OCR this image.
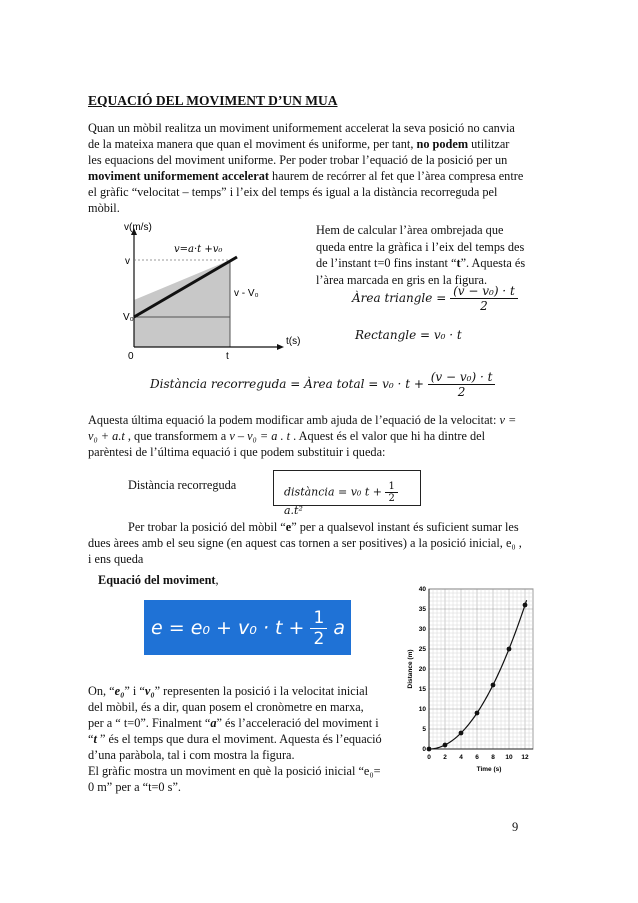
EQUACIÓ DEL MOVIMENT D’UN MUA
Quan un mòbil realitza un moviment uniformement accelerat la seva posició no canvia
de la mateixa manera que quan el moviment és uniforme, per tant, no podem utilitzar
les equacions del moviment uniforme. Per poder trobar l’equació de la posició per un
moviment uniformement accelerat haurem de recórrer al fet que l’àrea compresa entre
el gràfic “velocitat – temps” i l’eix del temps és igual a la distància recorreguda pel
mòbil.
v(m/s)
t(s)
v=a·t +v₀
v
V₀
v - V₀
0	t
Hem de calcular l’àrea ombrejada que
queda entre la gràfica i l’eix del temps des
de l’instant t=0 fins instant “t”. Aquesta és
l’àrea marcada en gris en la figura.
Àrea triangle = $\frac{\text{(v − v₀) · t}}{2}$
Rectangle = v₀ · t
Distància recorreguda = Àrea total = $v_0 \cdot t + \frac{\text{(v − v₀) · t}}{2}$
Aquesta última equació la podem modificar amb ajuda de l’equació de la velocitat: v =
v₀ + a.t , que transformem a v – v₀ = a . t . Aquest és el valor que hi ha dintre del
parèntesi de l’última equació i que podem substituir i queda:
Distància recorreguda	distància = v₀ $t + \frac{1}{2}$
a.t²
Per trobar la posició del mòbil “e” per a qualsevol instant és suficient sumar les
dues àrees amb el seu signe (en aquest cas tornen a ser positives) a la posició inicial, e₀ ,
i ens queda
Equació del moviment,
$e = e_0 + v_0 \cdot t + \frac{1}{2}$ a · t²
On, “e₀” i “v₀” representen la posició i la velocitat inicial
del mòbil, és a dir, quan posem el cronòmetre en marxa,
per a “ t=0”. Finalment “a” és l’acceleració del moviment i
“t ” és el temps que dura el moviment. Aquesta és l’equació
d’una paràbola, tal i com mostra la figura.
El gràfic mostra un moviment en què la posició inicial “e₀=
0 m” per a “t=0 s”.
0 2 4 6 8 10 12
0
5
10
15
20
25
30
35
40
Time (s)
Distance (m)
9
